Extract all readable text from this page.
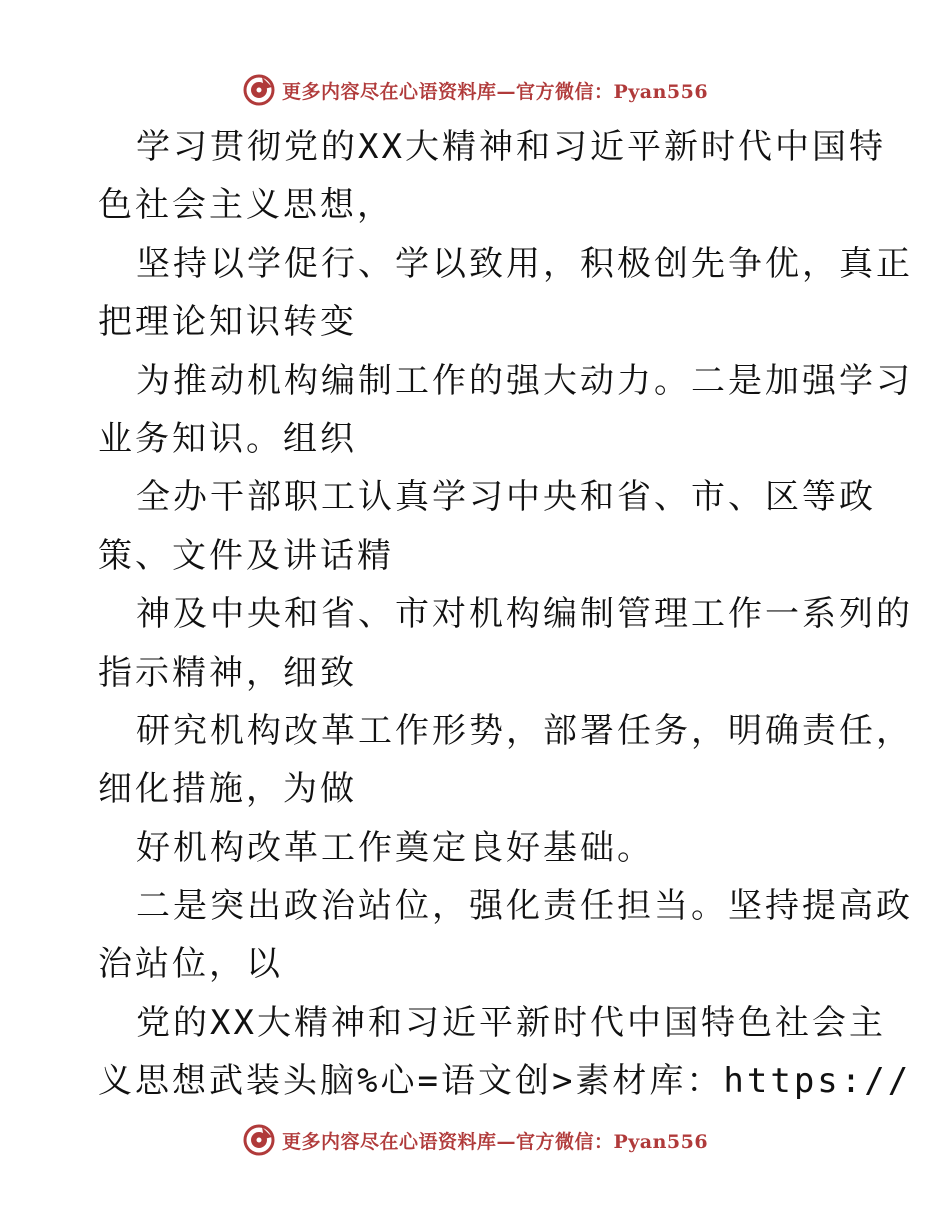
更多内容尽在心语资料库—官方微信：Pyan556
学习贯彻党的XX大精神和习近平新时代中国特
色社会主义思想，
坚持以学促行、学以致用，积极创先争优，真正
把理论知识转变
为推动机构编制工作的强大动力。二是加强学习
业务知识。组织
全办干部职工认真学习中央和省、市、区等政
策、文件及讲话精
神及中央和省、市对机构编制管理工作一系列的
指示精神，细致
研究机构改革工作形势，部署任务，明确责任，
细化措施，为做
好机构改革工作奠定良好基础。
二是突出政治站位，强化责任担当。坚持提高政
治站位，以
党的XX大精神和习近平新时代中国特色社会主
义思想武装头脑%心=语文创>素材库：https://
更多内容尽在心语资料库—官方微信：Pyan556
